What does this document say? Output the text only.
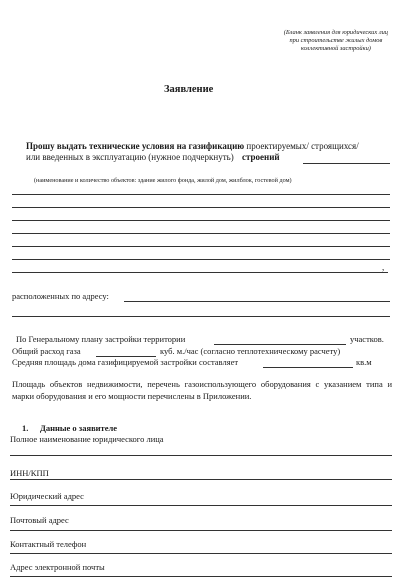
(Бланк заявления для юридических лиц
при строительстве жилых домов
коллективной застройки)
Заявление
Прошу выдать технические условия на газификацию проектируемых/ строящихся/
или введенных в эксплуатацию (нужное подчеркнуть) строений
(наименование и количество объектов: здание жилого фонда, жилой дом, жилблок, гостевой дом)
,
расположенных по адресу:
По Генеральному плану застройки территории	участков.
Общий расход газа	куб. м./час (согласно теплотехническому расчету)
Средняя площадь дома газифицируемой застройки составляет	кв.м
Площадь объектов недвижимости, перечень газоиспользующего оборудования с указанием типа и марки оборудования и его мощности перечислены в Приложении.
1. Данные о заявителе
Полное наименование юридического лица
ИНН/КПП
Юридический адрес
Почтовый адрес
Контактный телефон
Адрес электронной почты
